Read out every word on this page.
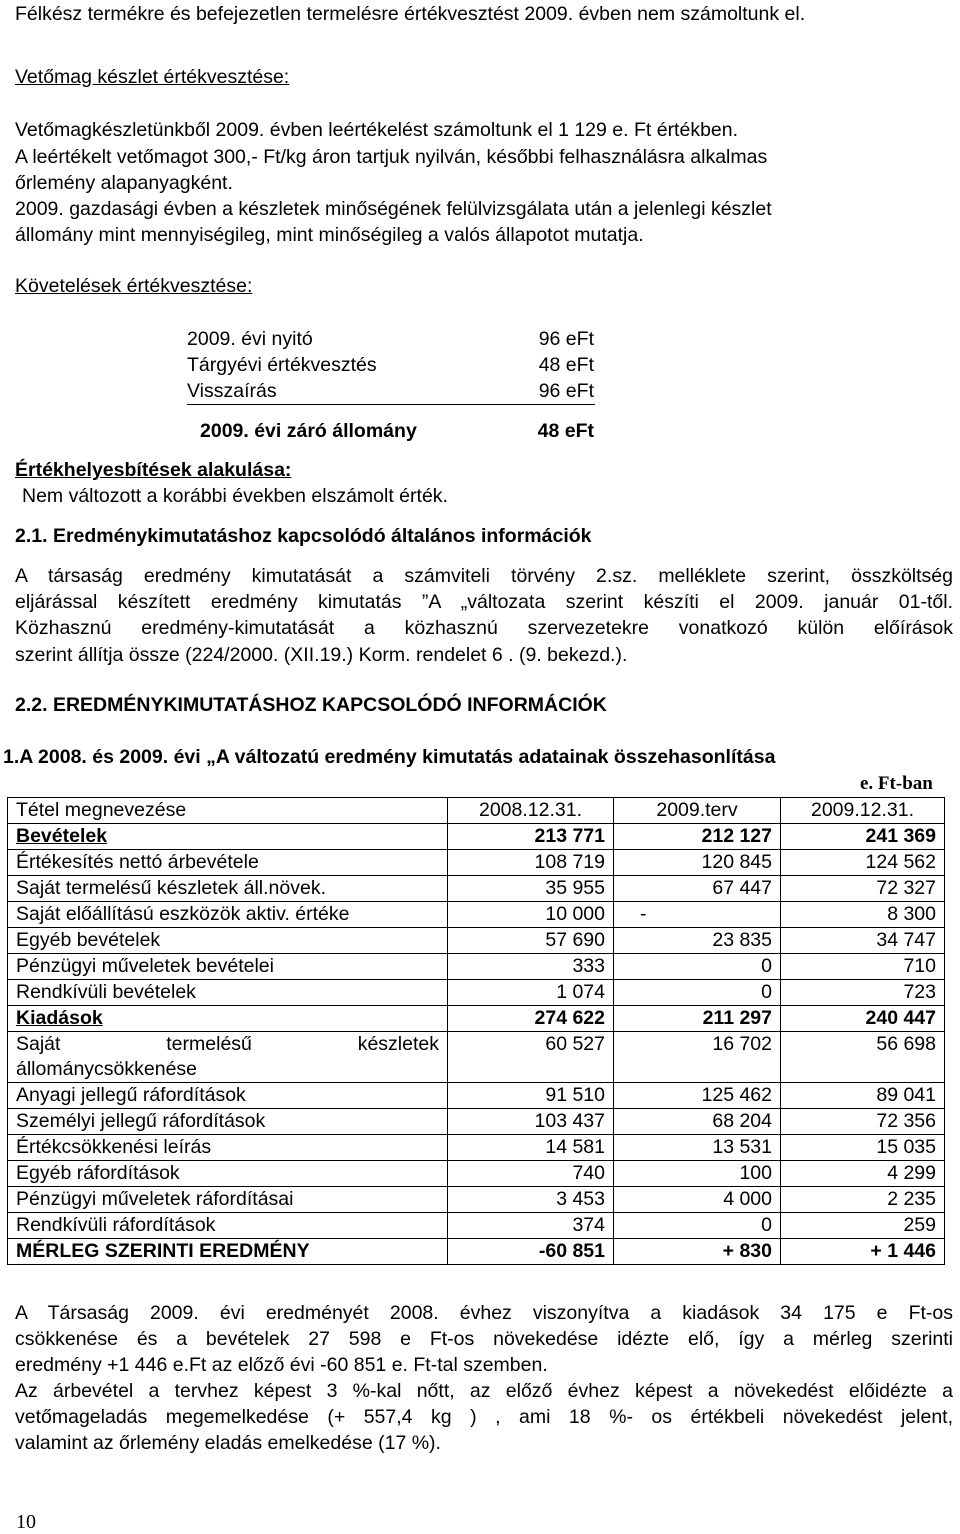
Félkész termékre és befejezetlen termelésre értékvesztést 2009. évben nem számoltunk el.

Vetőmag készlet értékvesztése:

Vetőmagkészletünkből 2009. évben leértékelést számoltunk el 1 129 e. Ft értékben.

A leértékelt vetőmagot 300,- Ft/kg áron tartjuk nyilván, későbbi felhasználásra alkalmas

őrlemény alapanyagként.

2009. gazdasági évben a készletek minőségének felülvizsgálata után a jelenlegi készlet

állomány mint mennyiségileg, mint minőségileg a valós állapotot mutatja.

Követelések értékvesztése:

2009. évi nyitó	96 eFt
Tárgyévi értékvesztés	48 eFt
Visszaírás	96 eFt
2009. évi záró állomány	48 eFt

Értékhelyesbítések alakulása:

Nem változott a korábbi években elszámolt érték.

2.1. Eredménykimutatáshoz kapcsolódó általános információk

A társaság eredmény kimutatását a számviteli törvény 2.sz. melléklete szerint, összköltség

eljárással készített eredmény kimutatás ”A „változata szerint készíti el 2009. január 01-től.

Közhasznú eredmény-kimutatását a közhasznú szervezetekre vonatkozó külön előírások

szerint állítja össze (224/2000. (XII.19.) Korm. rendelet 6 . (9. bekezd.).

2.2. EREDMÉNYKIMUTATÁSHOZ KAPCSOLÓDÓ INFORMÁCIÓK

1.A 2008. és 2009. évi „A változatú eredmény kimutatás adatainak összehasonlítása

e. Ft-ban
Tétel megnevezése	2008.12.31.	2009.terv	2009.12.31.
Bevételek	213 771	212 127	241 369
Értékesítés nettó árbevétele	108 719	120 845	124 562
Saját termelésű készletek áll.növek.	35 955	67 447	72 327
Saját előállítású eszközök aktiv. értéke	10 000	-	8 300
Egyéb bevételek	57 690	23 835	34 747
Pénzügyi műveletek bevételei	333	0	710
Rendkívüli bevételek	1 074	0	723
Kiadások	274 622	211 297	240 447

Saját termelésű készletek
állománycsökkenése	60 527	16 702	56 698
Anyagi jellegű ráfordítások	91 510	125 462	89 041
Személyi jellegű ráfordítások	103 437	68 204	72 356
Értékcsökkenési leírás	14 581	13 531	15 035
Egyéb ráfordítások	740	100	4 299
Pénzügyi műveletek ráfordításai	3 453	4 000	2 235
Rendkívüli ráfordítások	374	0	259
MÉRLEG SZERINTI EREDMÉNY	-60 851	+ 830	+ 1 446

A Társaság 2009. évi eredményét 2008. évhez viszonyítva a kiadások 34 175 e Ft-os

csökkenése és a bevételek 27 598 e Ft-os növekedése idézte elő, így a mérleg szerinti

eredmény +1 446 e.Ft az előző évi -60 851 e. Ft-tal szemben.

Az árbevétel a tervhez képest 3 %-kal nőtt, az előző évhez képest a növekedést előidézte a

vetőmageladás megemelkedése (+ 557,4 kg ) , ami 18 %- os értékbeli növekedést jelent,

valamint az őrlemény eladás emelkedése (17 %).

10
